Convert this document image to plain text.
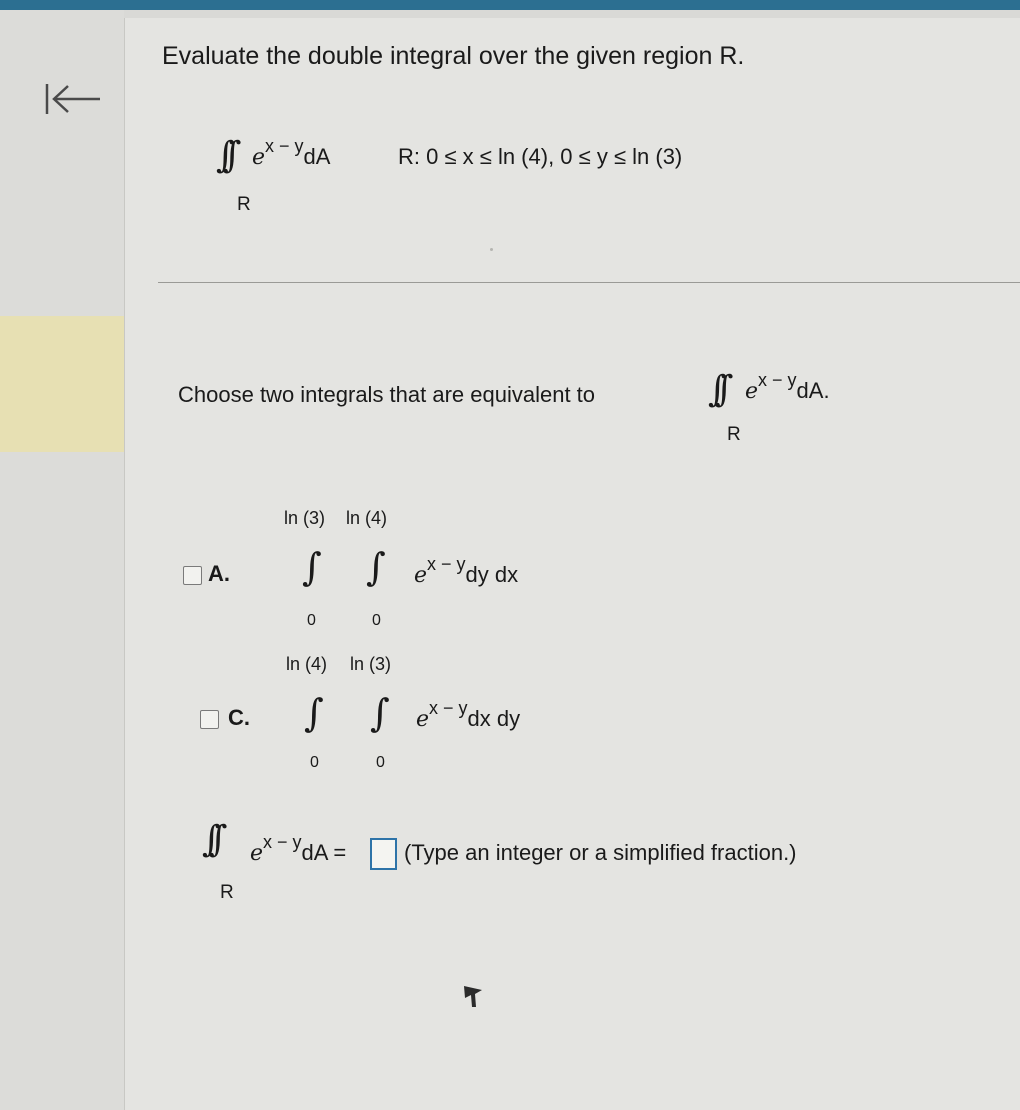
Evaluate the double integral over the given region R.
∫∫
R
ex − ydA	R: 0 ≤ x ≤ ln (4), 0 ≤ y ≤ ln (3)
Choose two integrals that are equivalent to	∫∫
R
ex − ydA.
A.
ln (3) ln (4)
∫ ∫
0	0
ex − ydy dx
C.
ln (4) ln (3)
∫ ∫
0	0
ex − ydx dy
∫∫
R
ex − ydA =	(Type an integer or a simplified fraction.)
